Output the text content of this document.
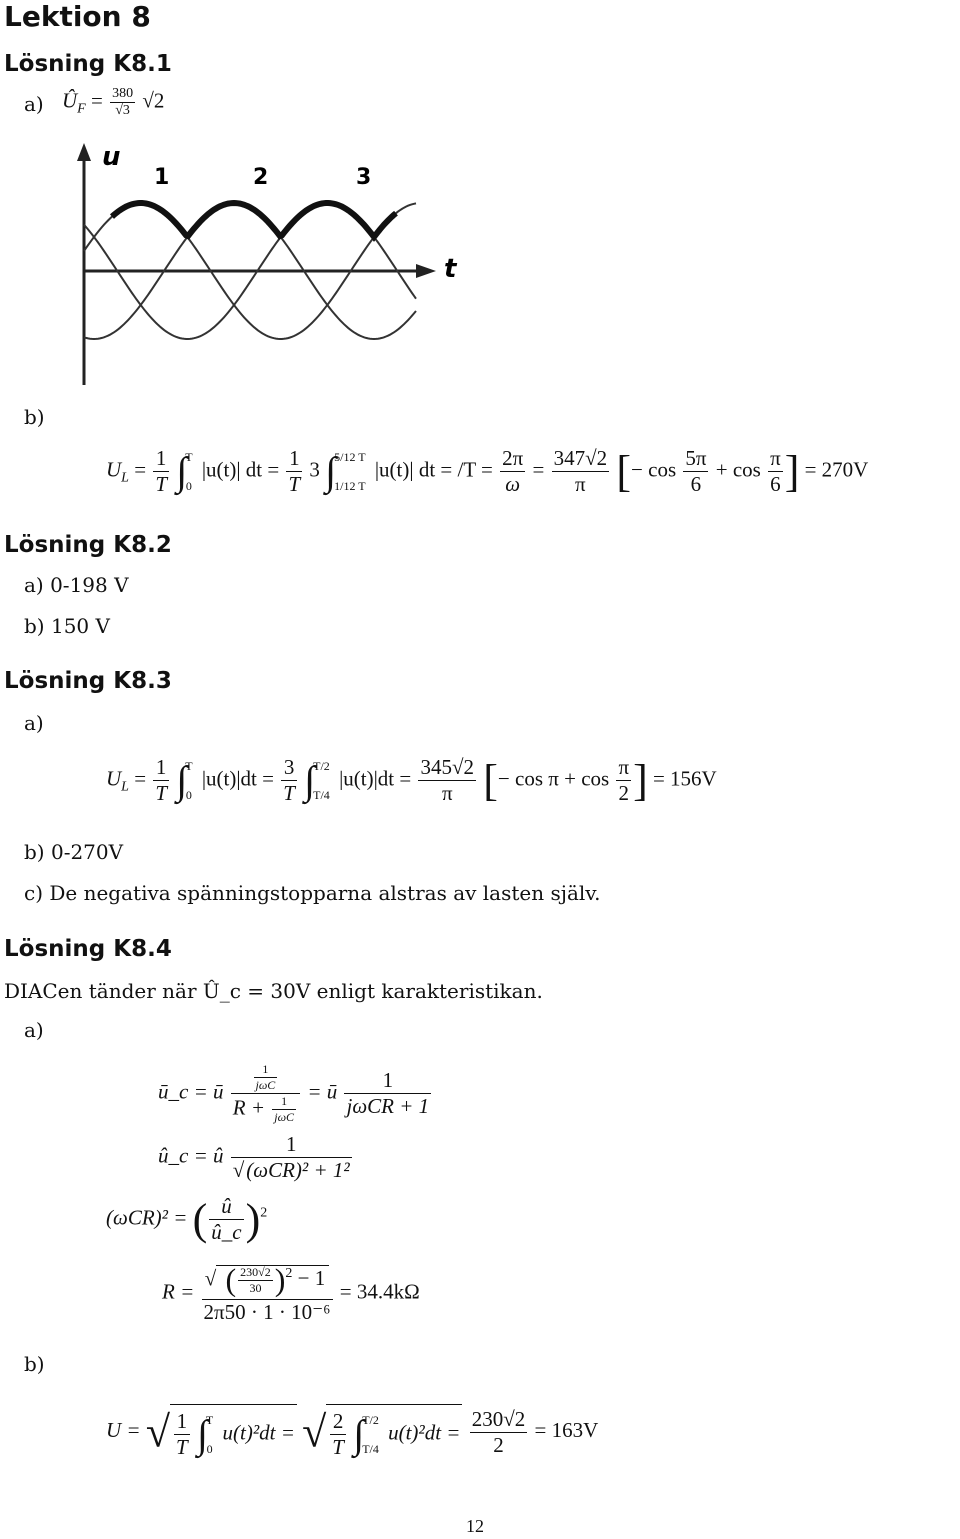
Lektion 8
Lösning K8.1
a) $Û_F = \frac{380}{√3} √2$
u
t
1	2	3
b)
$U_L = \frac{1}{T}$ ∫
T
0
|u(t)| dt = $\frac{1}{T} 3$ ∫
5/12 T
1/12 T
|u(t)| dt = $/T = \frac{2\pi}{\omega} = \frac{347√2}{\pi}$ [− $\cos \frac{5\pi}{6} + \cos \frac{\pi}{6}$ ] = 270V
Lösning K8.2
a) 0-198 V
b) 150 V
Lösning K8.3
a)
$U_L = \frac{1}{T}$ ∫
T
0
$|u(t)|dt = \frac{3}{T}$ ∫
T/2
T/4
$|u(t)|dt = \frac{345√2}{\pi}$ [− $\cos \pi + \cos \frac{\pi}{2}$ ] = 156V
b) 0-270V
c) De negativa spänningstopparna alstras av lasten själv.
Lösning K8.4
DIACen tänder när Û_c = 30V enligt karakteristikan.
a)
ū_c = ū $\frac{\frac{1}{\text{jωC}}}{R + \frac{1}{\text{jωC}}}$ = ū $\frac{1}{\text{jωCR + 1}}$
û_c = û $\frac{1}{\text{√(ωCR)² + 1²}}$
(ωCR)² = ( $\frac{û}{û\_c} )^2$
$R = \frac{√ ( \frac{230√2}{30} )^2 - 1}{\text{2π50 · 1 · 10⁻⁶}} = 34.4k\Omega$
b)
U = √ $\frac{1}{T}$ ∫
T
0
u(t)²dt = √ $\frac{2}{T}$ ∫
T/2
T/4
$u(t)^2dt = \frac{230√2}{2} = 163V$
12
